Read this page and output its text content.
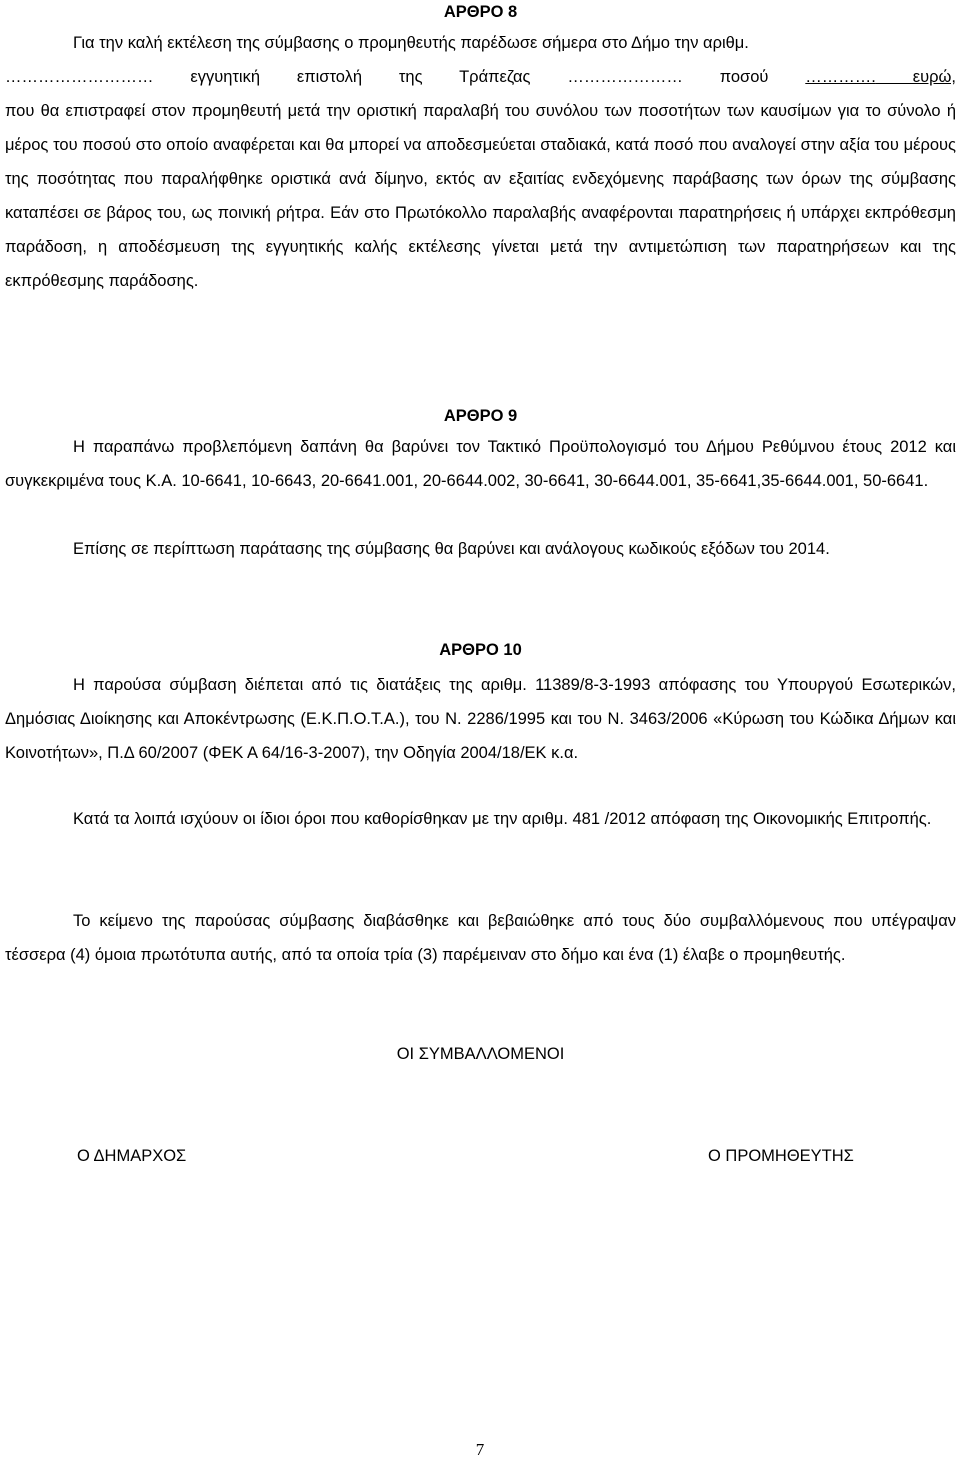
ΑΡΘΡΟ 8

Για την καλή εκτέλεση της σύμβασης ο προμηθευτής παρέδωσε σήμερα στο Δήμο την αριθμ.

……………………… εγγυητική επιστολή της Τράπεζας ………………… ποσού …………. ευρώ,

που θα επιστραφεί στον προμηθευτή μετά την οριστική παραλαβή του συνόλου των ποσοτήτων των καυσίμων για το σύνολο ή μέρος του ποσού στο οποίο αναφέρεται και θα μπορεί να αποδεσμεύεται σταδιακά, κατά ποσό που αναλογεί στην αξία του μέρους της ποσότητας που παραλήφθηκε οριστικά ανά δίμηνο, εκτός αν εξαιτίας ενδεχόμενης παράβασης των όρων της σύμβασης καταπέσει σε βάρος του, ως ποινική ρήτρα. Εάν στο Πρωτόκολλο παραλαβής αναφέρονται παρατηρήσεις ή υπάρχει εκπρόθεσμη παράδοση, η αποδέσμευση της εγγυητικής καλής εκτέλεσης γίνεται μετά την αντιμετώπιση των παρατηρήσεων και της εκπρόθεσμης παράδοσης.

ΑΡΘΡΟ 9

Η παραπάνω προβλεπόμενη δαπάνη θα βαρύνει τον Τακτικό Προϋπολογισμό του Δήμου Ρεθύμνου έτους 2012 και συγκεκριμένα τους Κ.Α. 10-6641, 10-6643, 20-6641.001, 20-6644.002, 30-6641, 30-6644.001, 35-6641,35-6644.001, 50-6641.

Επίσης σε περίπτωση παράτασης της σύμβασης θα βαρύνει και ανάλογους κωδικούς εξόδων του 2014.

ΑΡΘΡΟ 10

Η παρούσα σύμβαση διέπεται από τις διατάξεις της αριθμ. 11389/8-3-1993 απόφασης του Υπουργού Εσωτερικών, Δημόσιας Διοίκησης και Αποκέντρωσης (Ε.Κ.Π.Ο.Τ.Α.), του Ν. 2286/1995 και του Ν. 3463/2006 «Κύρωση του Κώδικα Δήμων και Κοινοτήτων», Π.Δ 60/2007 (ΦΕΚ Α 64/16-3-2007), την Οδηγία 2004/18/ΕΚ κ.α.

Κατά τα λοιπά ισχύουν οι ίδιοι όροι που καθορίσθηκαν με την αριθμ. 481 /2012 απόφαση της Οικονομικής Επιτροπής.

Το κείμενο της παρούσας σύμβασης διαβάσθηκε και βεβαιώθηκε από τους δύο συμβαλλόμενους που υπέγραψαν τέσσερα (4) όμοια πρωτότυπα αυτής, από τα οποία τρία (3) παρέμειναν στο δήμο και ένα (1) έλαβε ο προμηθευτής.

ΟΙ ΣΥΜΒΑΛΛΟΜΕΝΟΙ

Ο ΔΗΜΑΡΧΟΣ	Ο ΠΡΟΜΗΘΕΥΤΗΣ

7
